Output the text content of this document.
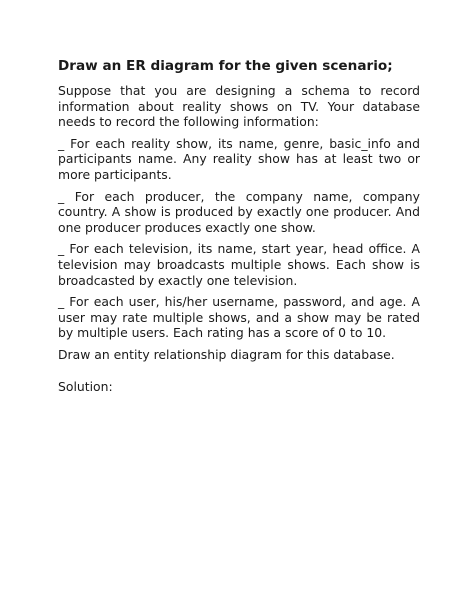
Draw an ER diagram for the given scenario;

Suppose that you are designing a schema to record information about reality shows on TV. Your database needs to record the following information:

_ For each reality show, its name, genre, basic_info and participants name. Any reality show has at least two or more participants.

_ For each producer, the company name, company country. A show is produced by exactly one producer. And one producer produces exactly one show.

_ For each television, its name, start year, head office. A television may broadcasts multiple shows. Each show is broadcasted by exactly one television.

_ For each user, his/her username, password, and age. A user may rate multiple shows, and a show may be rated by multiple users. Each rating has a score of 0 to 10.

Draw an entity relationship diagram for this database.

Solution:
